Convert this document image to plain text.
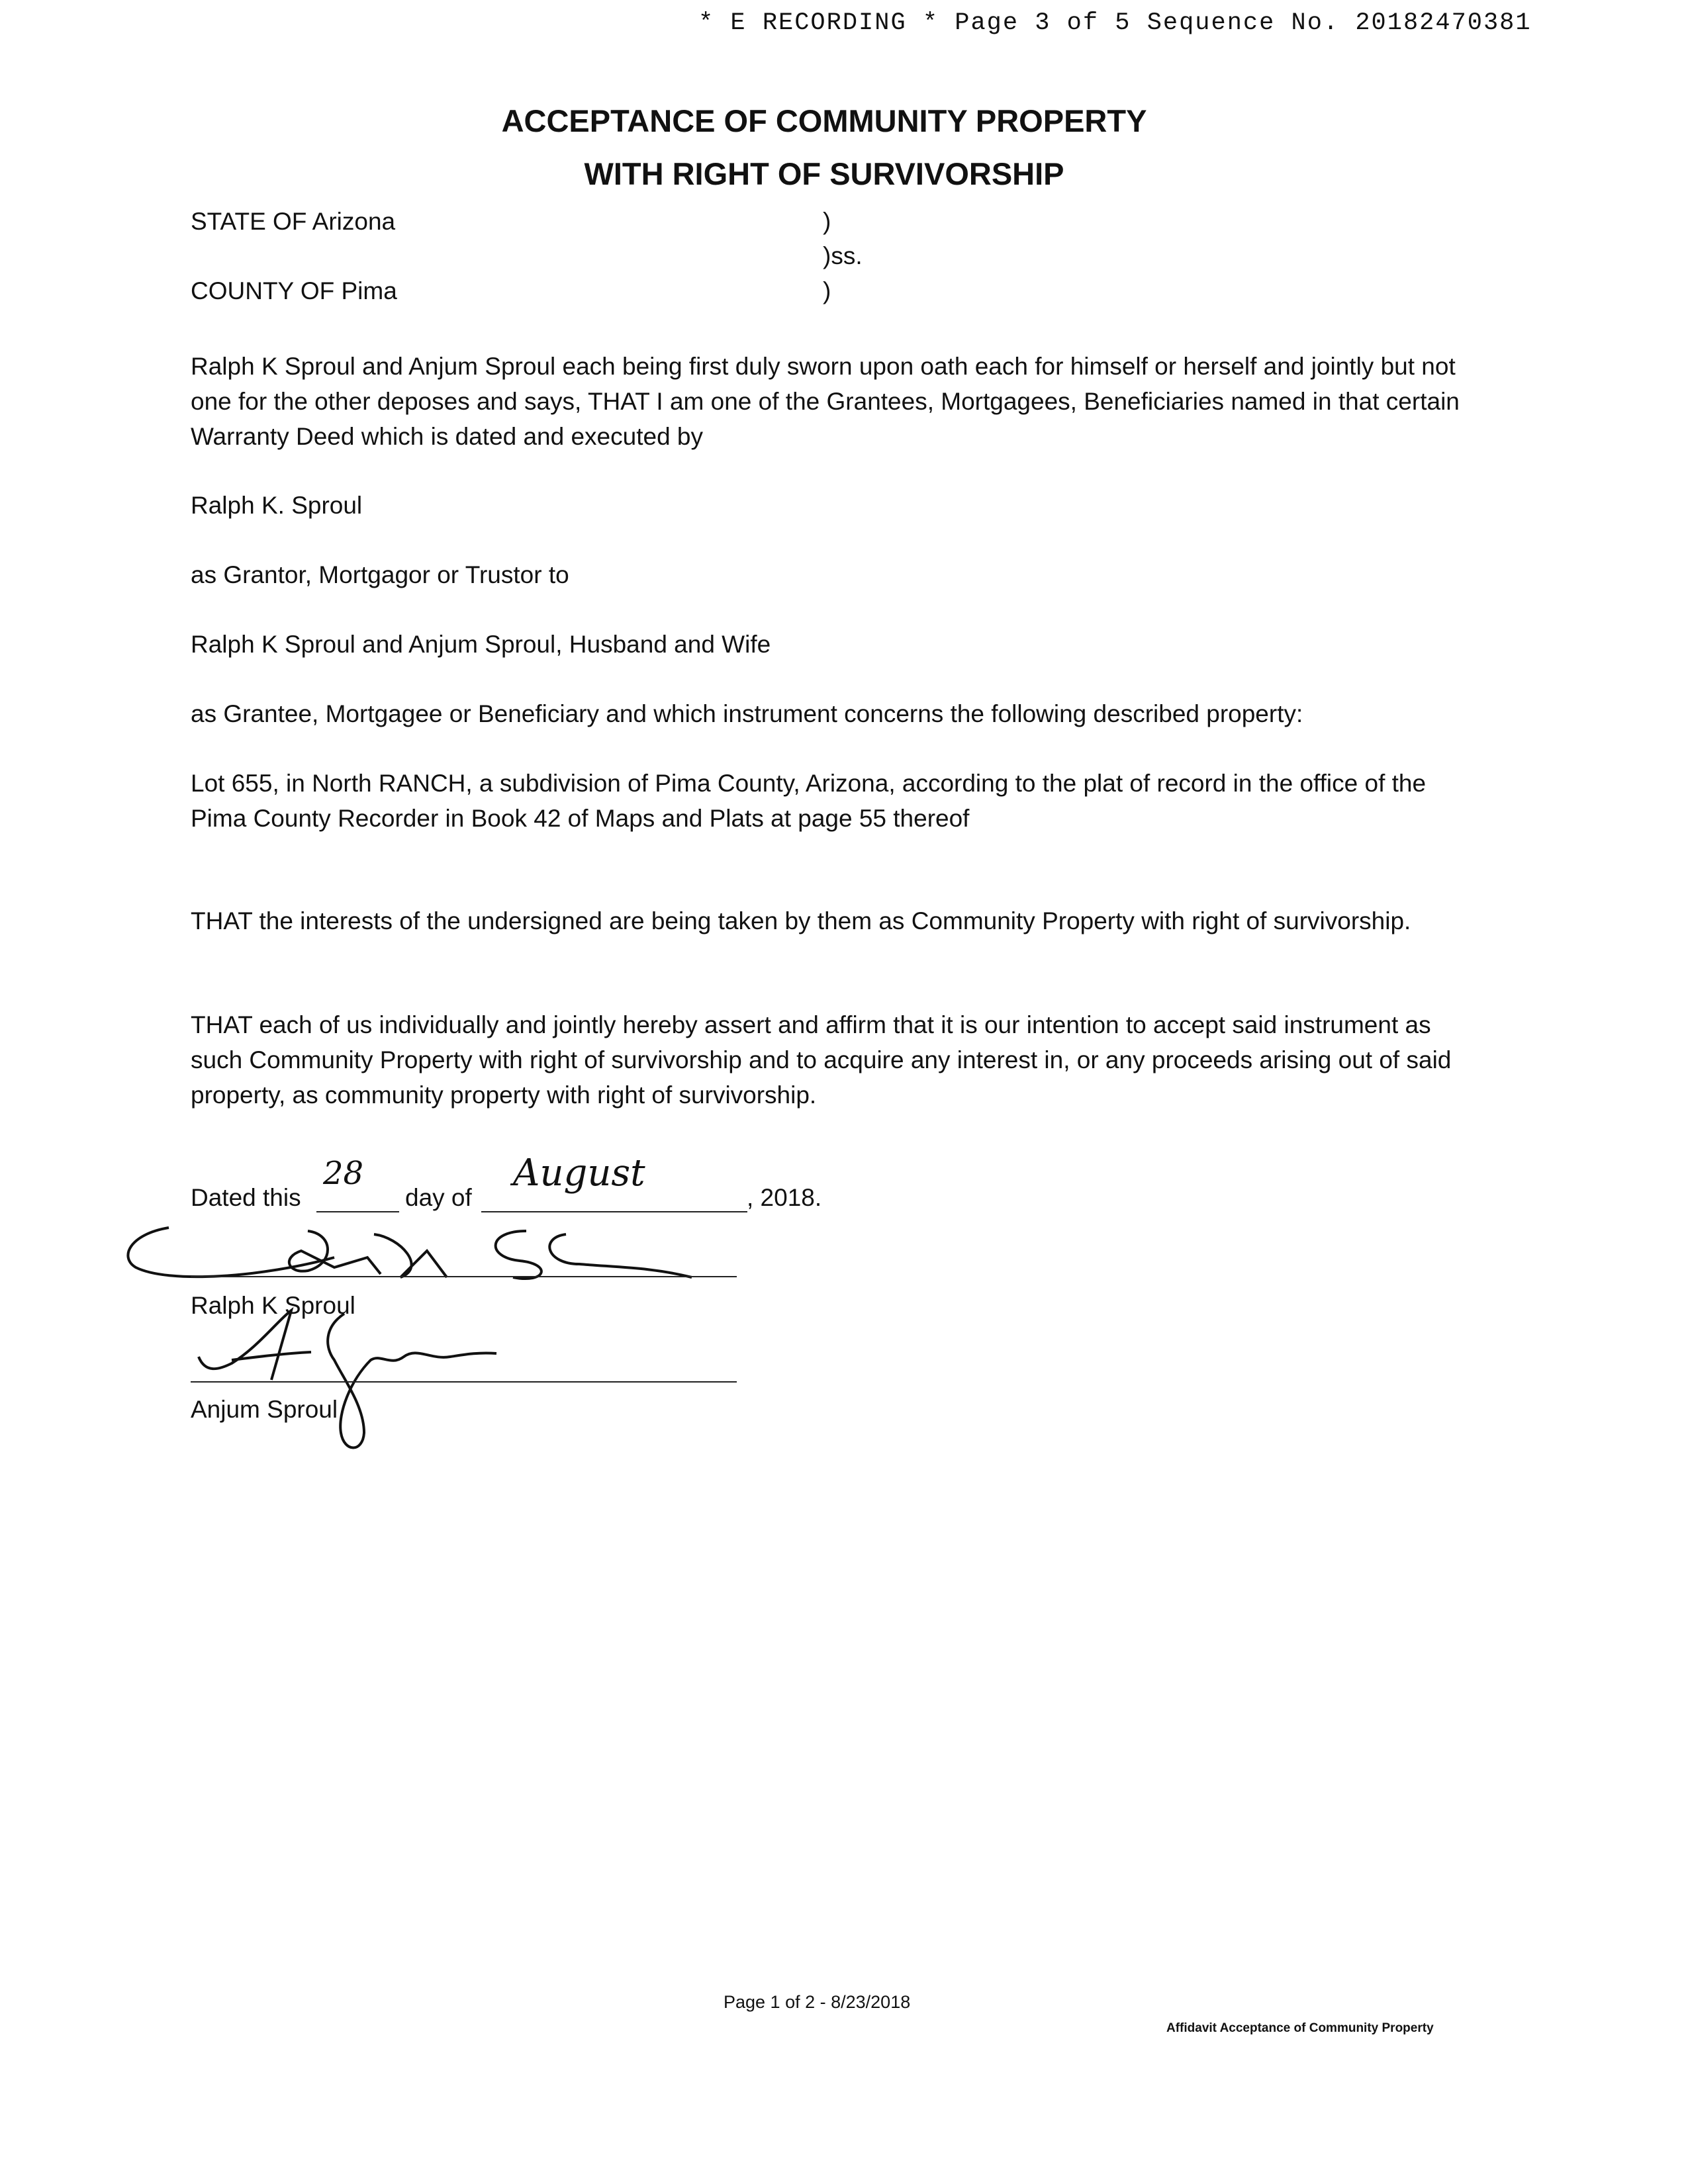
* E RECORDING * Page 3 of 5 Sequence No. 20182470381
ACCEPTANCE OF COMMUNITY PROPERTY
WITH RIGHT OF SURVIVORSHIP
STATE OF Arizona	)
)ss.
COUNTY OF Pima	)
Ralph K Sproul and Anjum Sproul each being first duly sworn upon oath each for himself or herself and jointly but not one for the other deposes and says, THAT I am one of the Grantees, Mortgagees, Beneficiaries named in that certain Warranty Deed which is dated and executed by
Ralph K. Sproul
as Grantor, Mortgagor or Trustor to
Ralph K Sproul and Anjum Sproul, Husband and Wife
as Grantee, Mortgagee or Beneficiary and which instrument concerns the following described property:
Lot 655, in North RANCH, a subdivision of Pima County, Arizona, according to the plat of record in the office of the Pima County Recorder in Book 42 of Maps and Plats at page 55 thereof
THAT the interests of the undersigned are being taken by them as Community Property with right of survivorship.
THAT each of us individually and jointly hereby assert and affirm that it is our intention to accept said instrument as such Community Property with right of survivorship and to acquire any interest in, or any proceeds arising out of said property, as community property with right of survivorship.
Dated this
28
day of
August
, 2018.
Ralph K Sproul
Anjum Sproul
Page 1 of 2 - 8/23/2018
Affidavit Acceptance of Community Property
